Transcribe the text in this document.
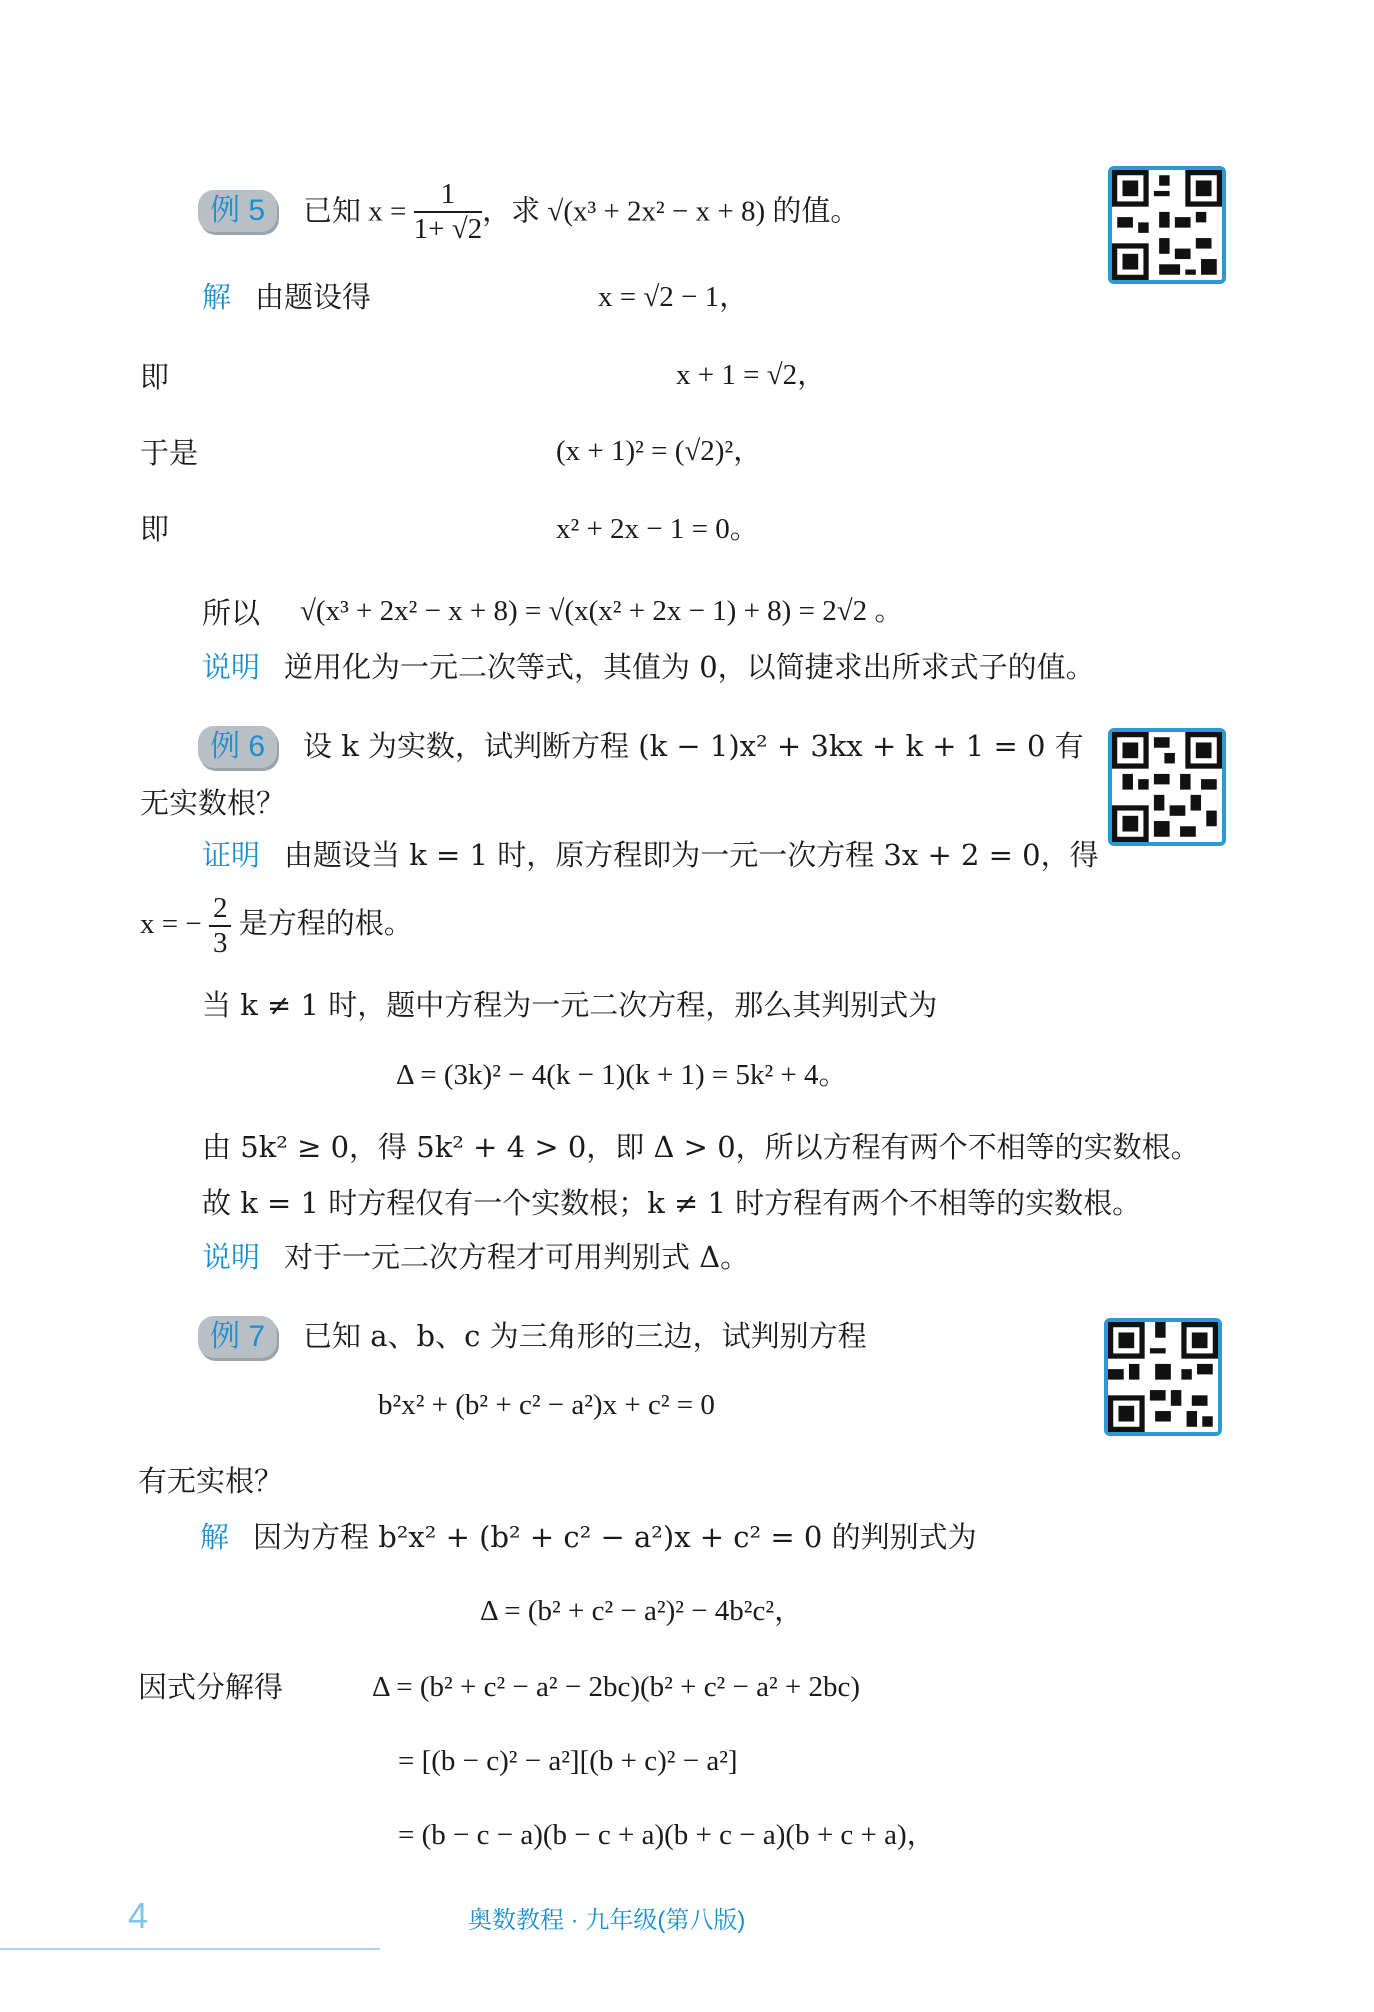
例 5 已知 $x = \frac{1}{1+ √2}$ ，求 √(x³ + 2x² − x + 8) 的值。
解 由题设得	x = √2 − 1，
即	x + 1 = √2，
于是	(x + 1)² = (√2)²，
即	x² + 2x − 1 = 0。
所以 √(x³ + 2x² − x + 8) = √(x(x² + 2x − 1) + 8) = 2√2 。
说明 逆用化为一元二次等式，其值为 0，以简捷求出所求式子的值。
例 6 设 k 为实数，试判断方程 (k − 1)x² + 3kx + k + 1 = 0 有
无实数根？
证明 由题设当 k = 1 时，原方程即为一元一次方程 3x + 2 = 0，得
x = − $\frac{2}{3}$ 是方程的根。
当 k ≠ 1 时，题中方程为一元二次方程，那么其判别式为
Δ = (3k)² − 4(k − 1)(k + 1) = 5k² + 4。
由 5k² ≥ 0，得 5k² + 4 > 0，即 Δ > 0，所以方程有两个不相等的实数根。
故 k = 1 时方程仅有一个实数根；k ≠ 1 时方程有两个不相等的实数根。
说明 对于一元二次方程才可用判别式 Δ。
例 7 已知 a、b、c 为三角形的三边，试判别方程
b²x² + (b² + c² − a²)x + c² = 0
有无实根？
解 因为方程 b²x² + (b² + c² − a²)x + c² = 0 的判别式为
Δ = (b² + c² − a²)² − 4b²c²，
因式分解得	Δ = (b² + c² − a² − 2bc)(b² + c² − a² + 2bc)
= [(b − c)² − a²][(b + c)² − a²]
= (b − c − a)(b − c + a)(b + c − a)(b + c + a)，
4	奥数教程 · 九年级(第八版)
